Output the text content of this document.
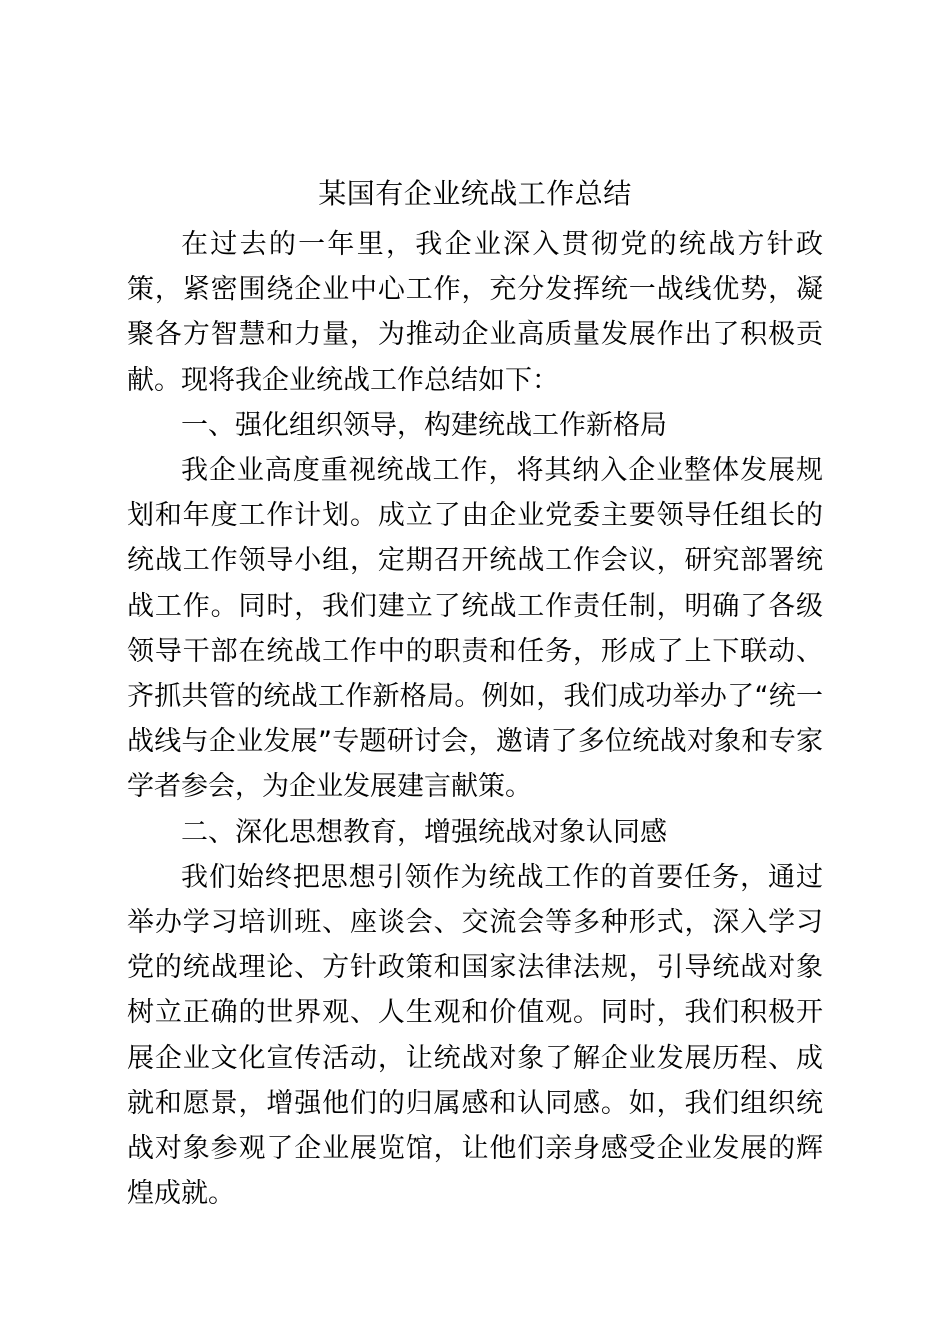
某国有企业统战工作总结

在过去的一年里，我企业深入贯彻党的统战方针政策，紧密围绕企业中心工作，充分发挥统一战线优势，凝聚各方智慧和力量，为推动企业高质量发展作出了积极贡献。现将我企业统战工作总结如下：

一、强化组织领导，构建统战工作新格局

我企业高度重视统战工作，将其纳入企业整体发展规划和年度工作计划。成立了由企业党委主要领导任组长的统战工作领导小组，定期召开统战工作会议，研究部署统战工作。同时，我们建立了统战工作责任制，明确了各级领导干部在统战工作中的职责和任务，形成了上下联动、齐抓共管的统战工作新格局。例如，我们成功举办了“统一战线与企业发展”专题研讨会，邀请了多位统战对象和专家学者参会，为企业发展建言献策。

二、深化思想教育，增强统战对象认同感

我们始终把思想引领作为统战工作的首要任务，通过举办学习培训班、座谈会、交流会等多种形式，深入学习党的统战理论、方针政策和国家法律法规，引导统战对象树立正确的世界观、人生观和价值观。同时，我们积极开展企业文化宣传活动，让统战对象了解企业发展历程、成就和愿景，增强他们的归属感和认同感。如，我们组织统战对象参观了企业展览馆，让他们亲身感受企业发展的辉煌成就。
